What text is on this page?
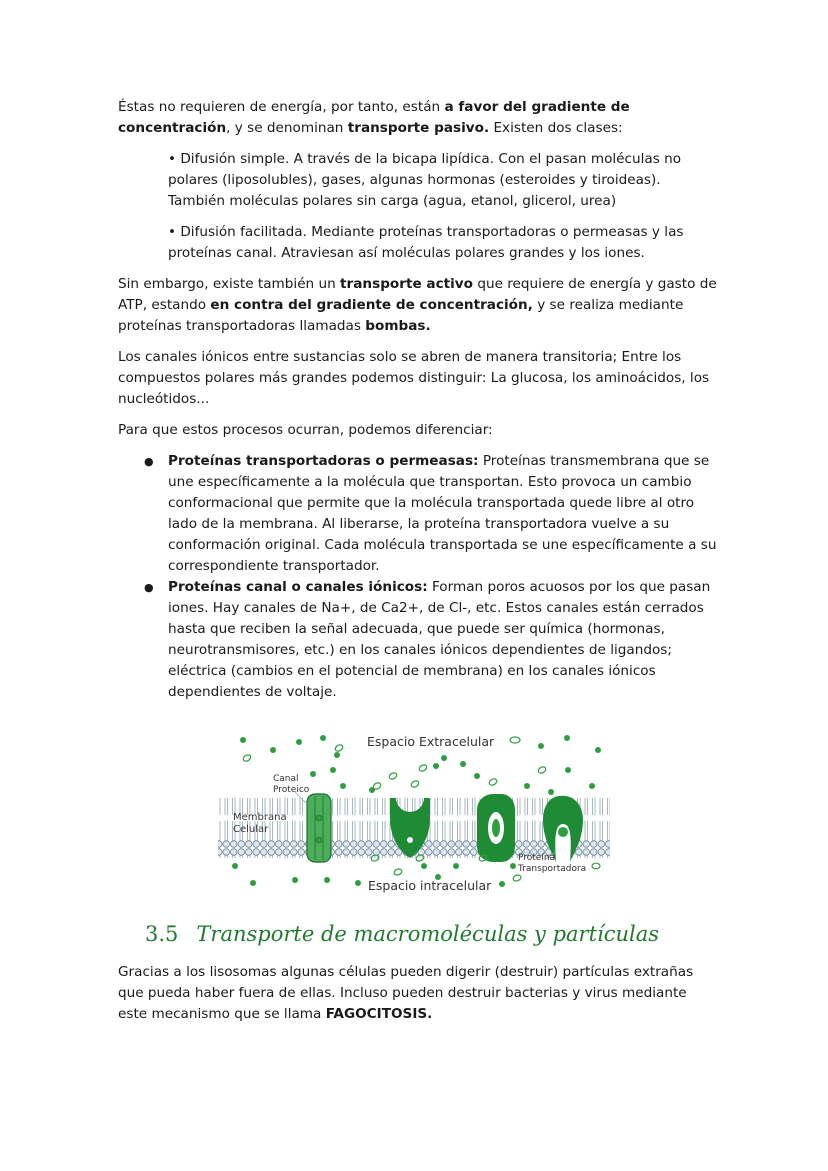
Éstas no requieren de energía, por tanto, están a favor del gradiente de concentración, y se denominan transporte pasivo. Existen dos clases:

• Difusión simple. A través de la bicapa lipídica. Con el pasan moléculas no polares (liposolubles), gases, algunas hormonas (esteroides y tiroideas). También moléculas polares sin carga (agua, etanol, glicerol, urea)

• Difusión facilitada. Mediante proteínas transportadoras o permeasas y las proteínas canal. Atraviesan así moléculas polares grandes y los iones.

Sin embargo, existe también un transporte activo que requiere de energía y gasto de ATP, estando en contra del gradiente de concentración, y se realiza mediante proteínas transportadoras llamadas bombas.

Los canales iónicos entre sustancias solo se abren de manera transitoria; Entre los compuestos polares más grandes podemos distinguir: La glucosa, los aminoácidos, los nucleótidos...

Para que estos procesos ocurran, podemos diferenciar:

● Proteínas transportadoras o permeasas: Proteínas transmembrana que se une específicamente a la molécula que transportan. Esto provoca un cambio conformacional que permite que la molécula transportada quede libre al otro lado de la membrana. Al liberarse, la proteína transportadora vuelve a su conformación original. Cada molécula transportada se une específicamente a su correspondiente transportador.
● Proteínas canal o canales iónicos: Forman poros acuosos por los que pasan iones. Hay canales de Na+, de Ca2+, de Cl-, etc. Estos canales están cerrados hasta que reciben la señal adecuada, que puede ser química (hormonas, neurotransmisores, etc.) en los canales iónicos dependientes de ligandos; eléctrica (cambios en el potencial de membrana) en los canales iónicos dependientes de voltaje.
Espacio Extracelular
Espacio intracelular
Canal
Proteico
Membrana
Celular
Proteína
Transportadora
3.5 Transporte de macromoléculas y partículas

Gracias a los lisosomas algunas células pueden digerir (destruir) partículas extrañas que pueda haber fuera de ellas. Incluso pueden destruir bacterias y virus mediante este mecanismo que se llama FAGOCITOSIS.
